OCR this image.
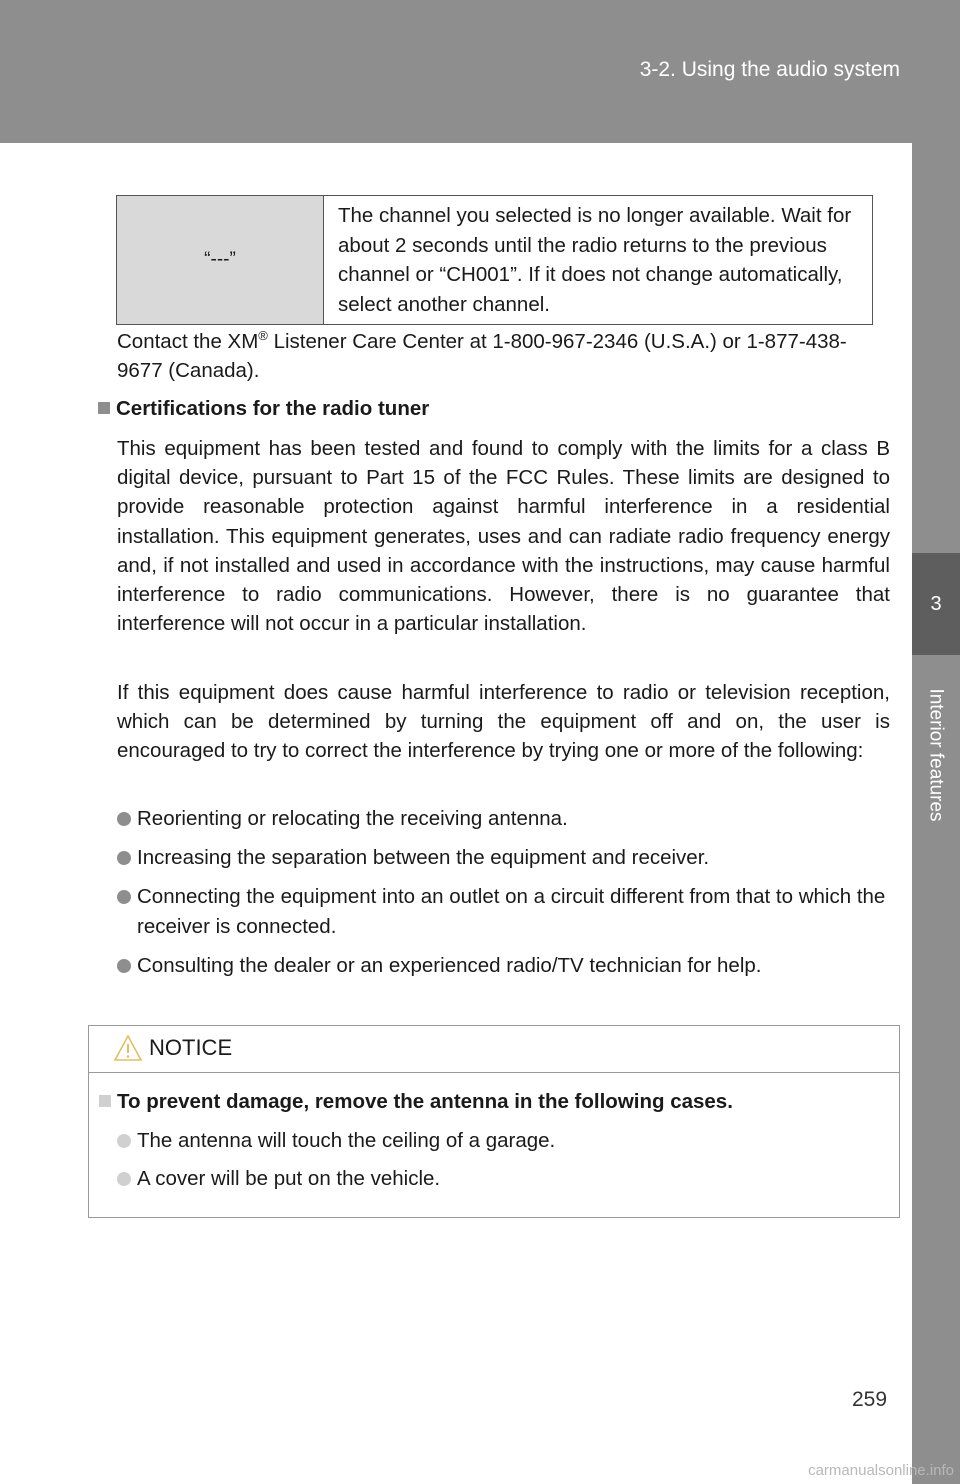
3-2. Using the audio system
3
Interior features
“---”
The channel you selected is no longer available. Wait for about 2 seconds until the radio returns to the previous channel or “CH001”. If it does not change automatically, select another channel.
Contact the XM® Listener Care Center at 1-800-967-2346 (U.S.A.) or 1-877-438-9677 (Canada).
Certifications for the radio tuner
This equipment has been tested and found to comply with the limits for a class B digital device, pursuant to Part 15 of the FCC Rules. These limits are designed to provide reasonable protection against harmful interference in a residential installation. This equipment generates, uses and can radiate radio frequency energy and, if not installed and used in accordance with the instructions, may cause harmful interference to radio communications. However, there is no guarantee that interference will not occur in a particular installation.
If this equipment does cause harmful interference to radio or television reception, which can be determined by turning the equipment off and on, the user is encouraged to try to correct the interference by trying one or more of the following:
Reorienting or relocating the receiving antenna.
Increasing the separation between the equipment and receiver.
Connecting the equipment into an outlet on a circuit different from that to which the receiver is connected.
Consulting the dealer or an experienced radio/TV technician for help.
NOTICE
To prevent damage, remove the antenna in the following cases.
The antenna will touch the ceiling of a garage.
A cover will be put on the vehicle.
259
carmanualsonline.info
